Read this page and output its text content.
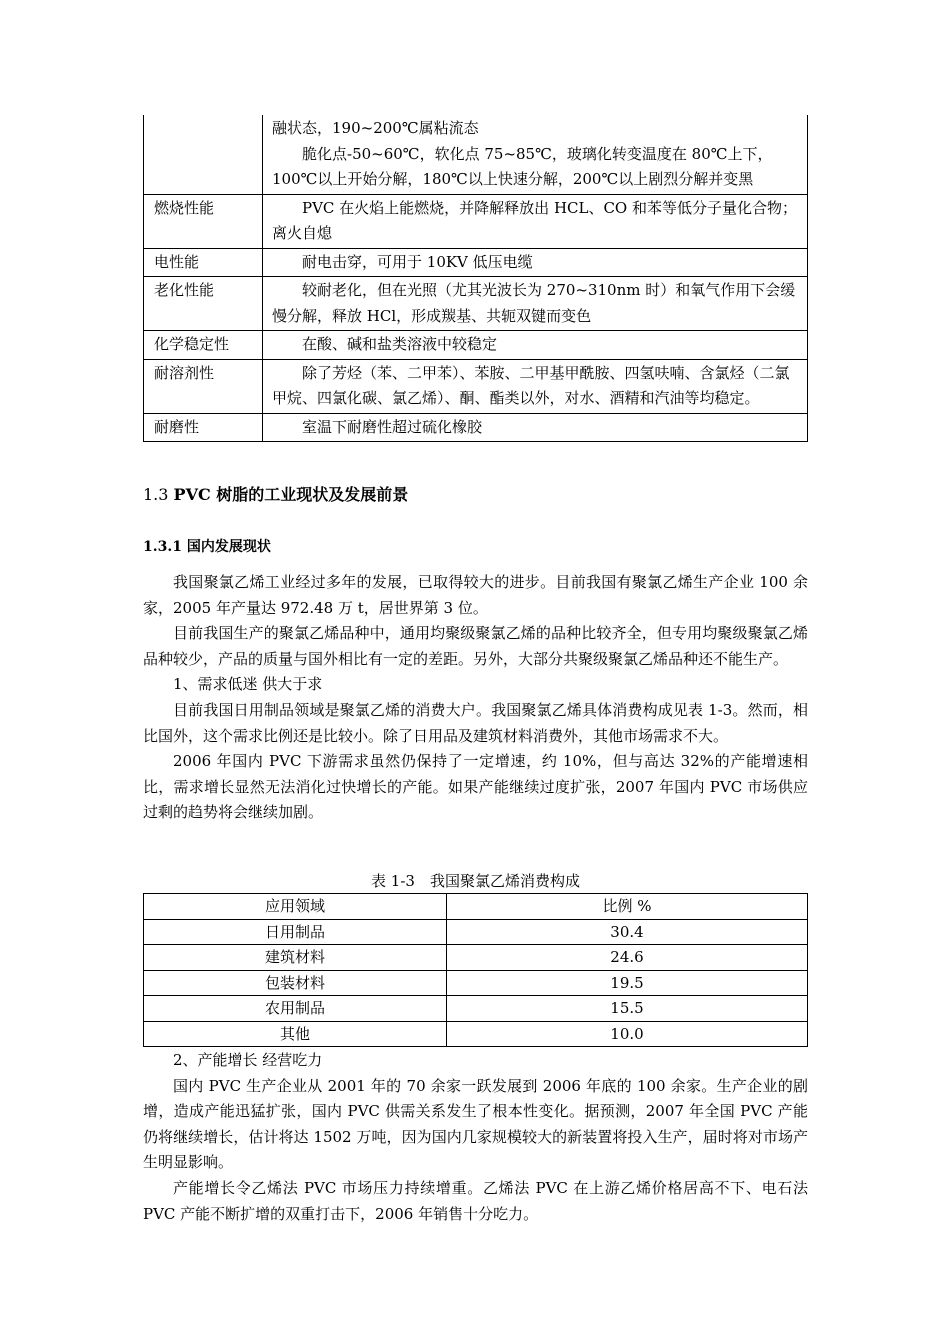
	融状态，190~200℃属粘流态
　　脆化点-50~60℃，软化点 75~85℃，玻璃化转变温度在 80℃上下，100℃以上开始分解，180℃以上快速分解，200℃以上剧烈分解并变黑

燃烧性能	　　PVC 在火焰上能燃烧，并降解释放出 HCL、CO 和苯等低分子量化合物；离火自熄
电性能	　　耐电击穿，可用于 10KV 低压电缆
老化性能	　　较耐老化，但在光照（尤其光波长为 270~310nm 时）和氧气作用下会缓慢分解，释放 HCl，形成羰基、共轭双键而变色
化学稳定性	　　在酸、碱和盐类溶液中较稳定
耐溶剂性	　　除了芳烃（苯、二甲苯）、苯胺、二甲基甲酰胺、四氢呋喃、含氯烃（二氯甲烷、四氯化碳、氯乙烯）、酮、酯类以外，对水、酒精和汽油等均稳定。
耐磨性	　　室温下耐磨性超过硫化橡胶
1.3 PVC 树脂的工业现状及发展前景
1.3.1 国内发展现状

我国聚氯乙烯工业经过多年的发展，已取得较大的进步。目前我国有聚氯乙烯生产企业 100 余家，2005 年产量达 972.48 万 t，居世界第 3 位。

目前我国生产的聚氯乙烯品种中，通用均聚级聚氯乙烯的品种比较齐全，但专用均聚级聚氯乙烯品种较少，产品的质量与国外相比有一定的差距。另外，大部分共聚级聚氯乙烯品种还不能生产。

1、需求低迷 供大于求

目前我国日用制品领域是聚氯乙烯的消费大户。我国聚氯乙烯具体消费构成见表 1-3。然而，相比国外，这个需求比例还是比较小。除了日用品及建筑材料消费外，其他市场需求不大。

2006 年国内 PVC 下游需求虽然仍保持了一定增速，约 10%，但与高达 32%的产能增速相比，需求增长显然无法消化过快增长的产能。如果产能继续过度扩张，2007 年国内 PVC 市场供应过剩的趋势将会继续加剧。

表 1-3　我国聚氯乙烯消费构成
应用领域	比例 %
日用制品	30.4
建筑材料	24.6
包装材料	19.5
农用制品	15.5
其他	10.0

2、产能增长 经营吃力

国内 PVC 生产企业从 2001 年的 70 余家一跃发展到 2006 年底的 100 余家。生产企业的剧增，造成产能迅猛扩张，国内 PVC 供需关系发生了根本性变化。据预测，2007 年全国 PVC 产能仍将继续增长，估计将达 1502 万吨，因为国内几家规模较大的新装置将投入生产，届时将对市场产生明显影响。

产能增长令乙烯法 PVC 市场压力持续增重。乙烯法 PVC 在上游乙烯价格居高不下、电石法 PVC 产能不断扩增的双重打击下，2006 年销售十分吃力。
